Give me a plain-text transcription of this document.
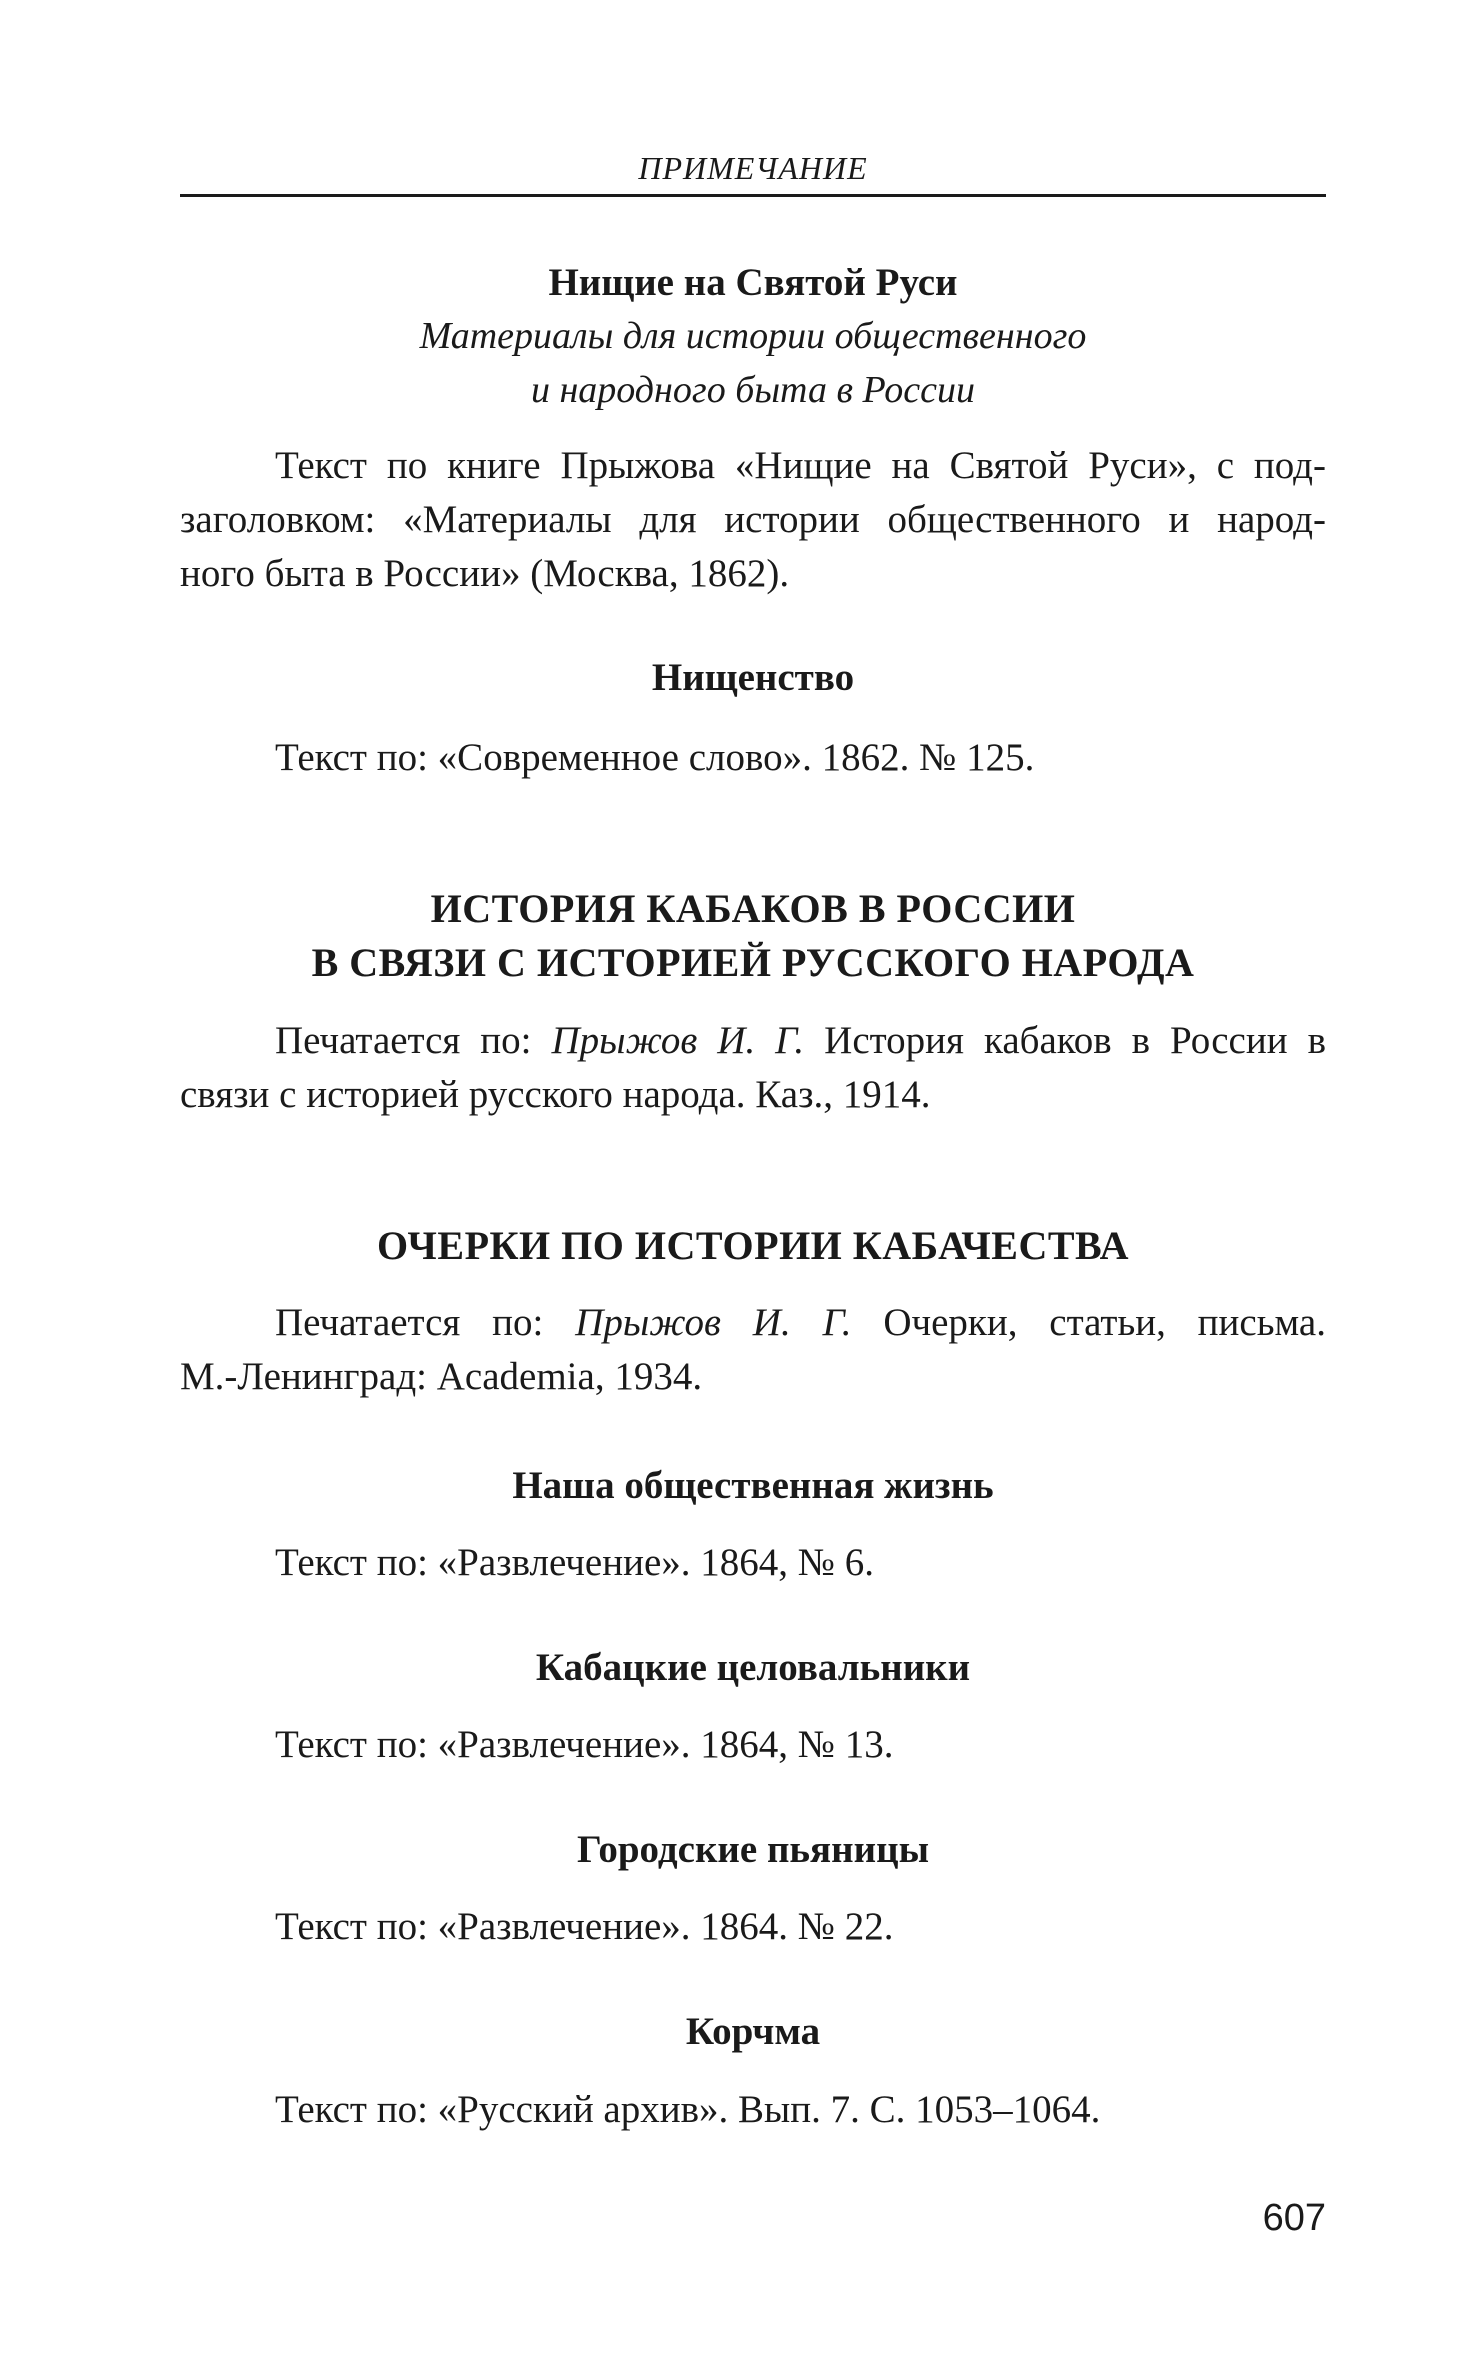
ПРИМЕЧАНИЕ
Нищие на Святой Руси
Материалы для истории общественного
и народного быта в России
Текст по книге Прыжова «Нищие на Святой Руси», с под-
заголовком: «Материалы для истории общественного и народ-
ного быта в России» (Москва, 1862).
Нищенство
Текст по: «Современное слово». 1862. № 125.
ИСТОРИЯ КАБАКОВ В РОССИИ
В СВЯЗИ С ИСТОРИЕЙ РУССКОГО НАРОДА
Печатается по: Прыжов И. Г. История кабаков в России в
связи с историей русского народа. Каз., 1914.
ОЧЕРКИ ПО ИСТОРИИ КАБАЧЕСТВА
Печатается по: Прыжов И. Г. Очерки, статьи, письма.
М.-Ленинград: Academia, 1934.
Наша общественная жизнь
Текст по: «Развлечение». 1864, № 6.
Кабацкие целовальники
Текст по: «Развлечение». 1864, № 13.
Городские пьяницы
Текст по: «Развлечение». 1864. № 22.
Корчма
Текст по: «Русский архив». Вып. 7. С. 1053–1064.
607
